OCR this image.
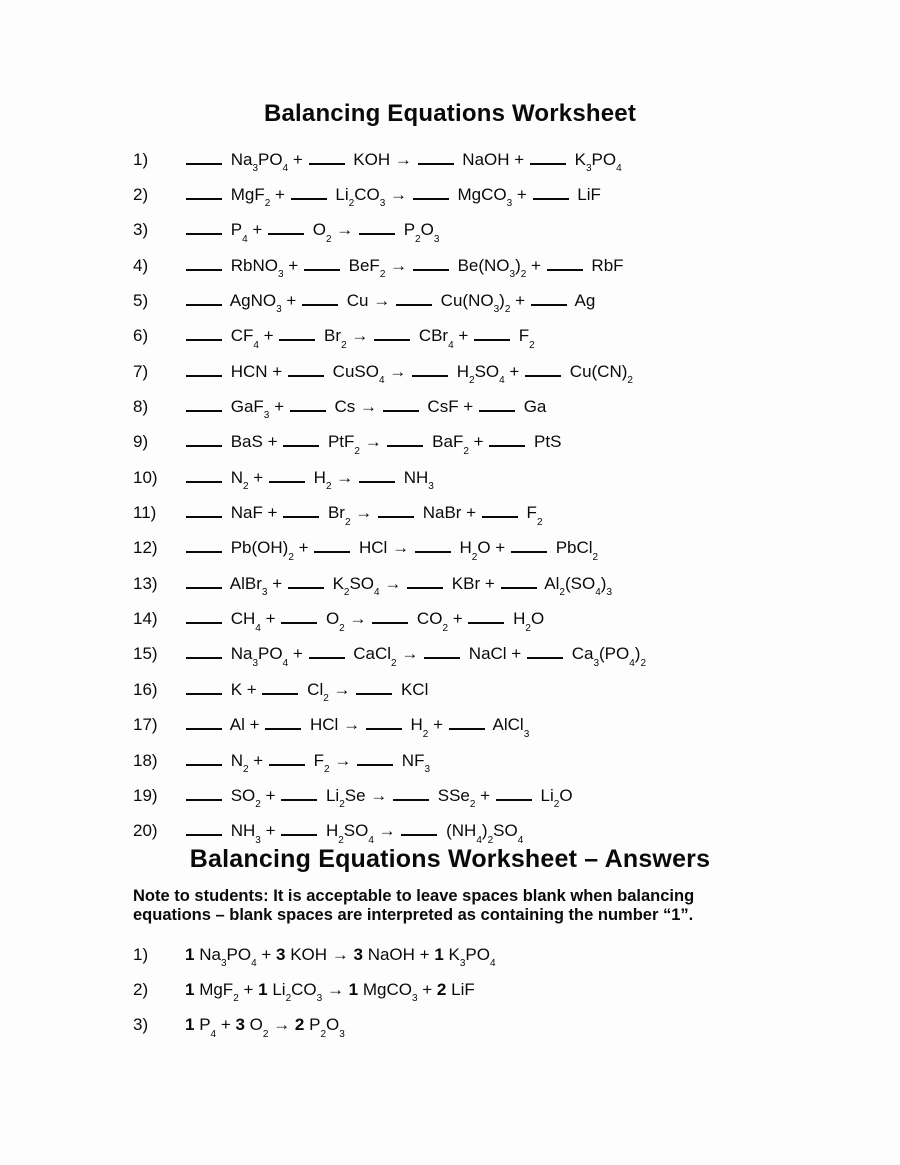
Balancing Equations Worksheet
1)	$Na_3PO_4$ +  KOH →	NaOH +  $K_3PO_4$
2)	$MgF_2 + Li_2CO_3$ →	MgCO$_3$ +  LiF
3)	$P_4 + O_2$ →	$P_2O_3$
4)	RbNO$_3$ +  BeF$_2$ →	$Be(NO_3)_2$ +  RbF
5)	AgNO$_3$ +  Cu →	$Cu(NO_3)_2 + Ag$
6)	$CF_4 + Br_2$ →	$CBr_4 + F_2$
7)	HCN +  CuSO$_4$ →	$H_2SO_4 + Cu(CN)_2$
8)	GaF$_3$ +  Cs →	CsF +  Ga
9)	BaS +  PtF$_2$ →	BaF$_2$ +  PtS
10)	$N_2 + H_2$ →	$NH_3$
11)	NaF +  $Br_2$ →	NaBr +  $F_2$
12)	$Pb(OH)_2$ +  HCl →	$H_2O$ +  PbCl$_2$
13)	AlBr$_3$ +  $K_2SO_4$ →	KBr +  $Al_2(SO_4)_3$
14)	$CH_4 + O_2$ →	$CO_2 + H_2O$
15)	$Na_3PO_4$ +  CaCl$_2$ →	NaCl +  $Ca_3(PO_4)_2$
16)	$K + Cl_2$ →	KCl
17)	Al +  HCl →	$H_2$ +  AlCl$_3$
18)	$N_2 + F_2$ →	$NF_3$
19)	$SO_2 + Li_2Se$ →	$SSe_2 + Li_2O$
20)	$NH_3 + H_2SO_4$ →	$(NH_4)_2SO_4$
Balancing Equations Worksheet – Answers

Note to students: It is acceptable to leave spaces blank when balancing
equations – blank spaces are interpreted as containing the number “1”.

1)	1 $Na_3PO_4 + 3$ KOH → 3 NaOH + 1 $K_3PO_4$
2)	1 MgF$_2$ + 1 $Li_2CO_3 \to 1$ MgCO$_3$ + 2 LiF
3)	1 $P_4 + 3$ $O_2 \to 2$ $P_2O_3$
